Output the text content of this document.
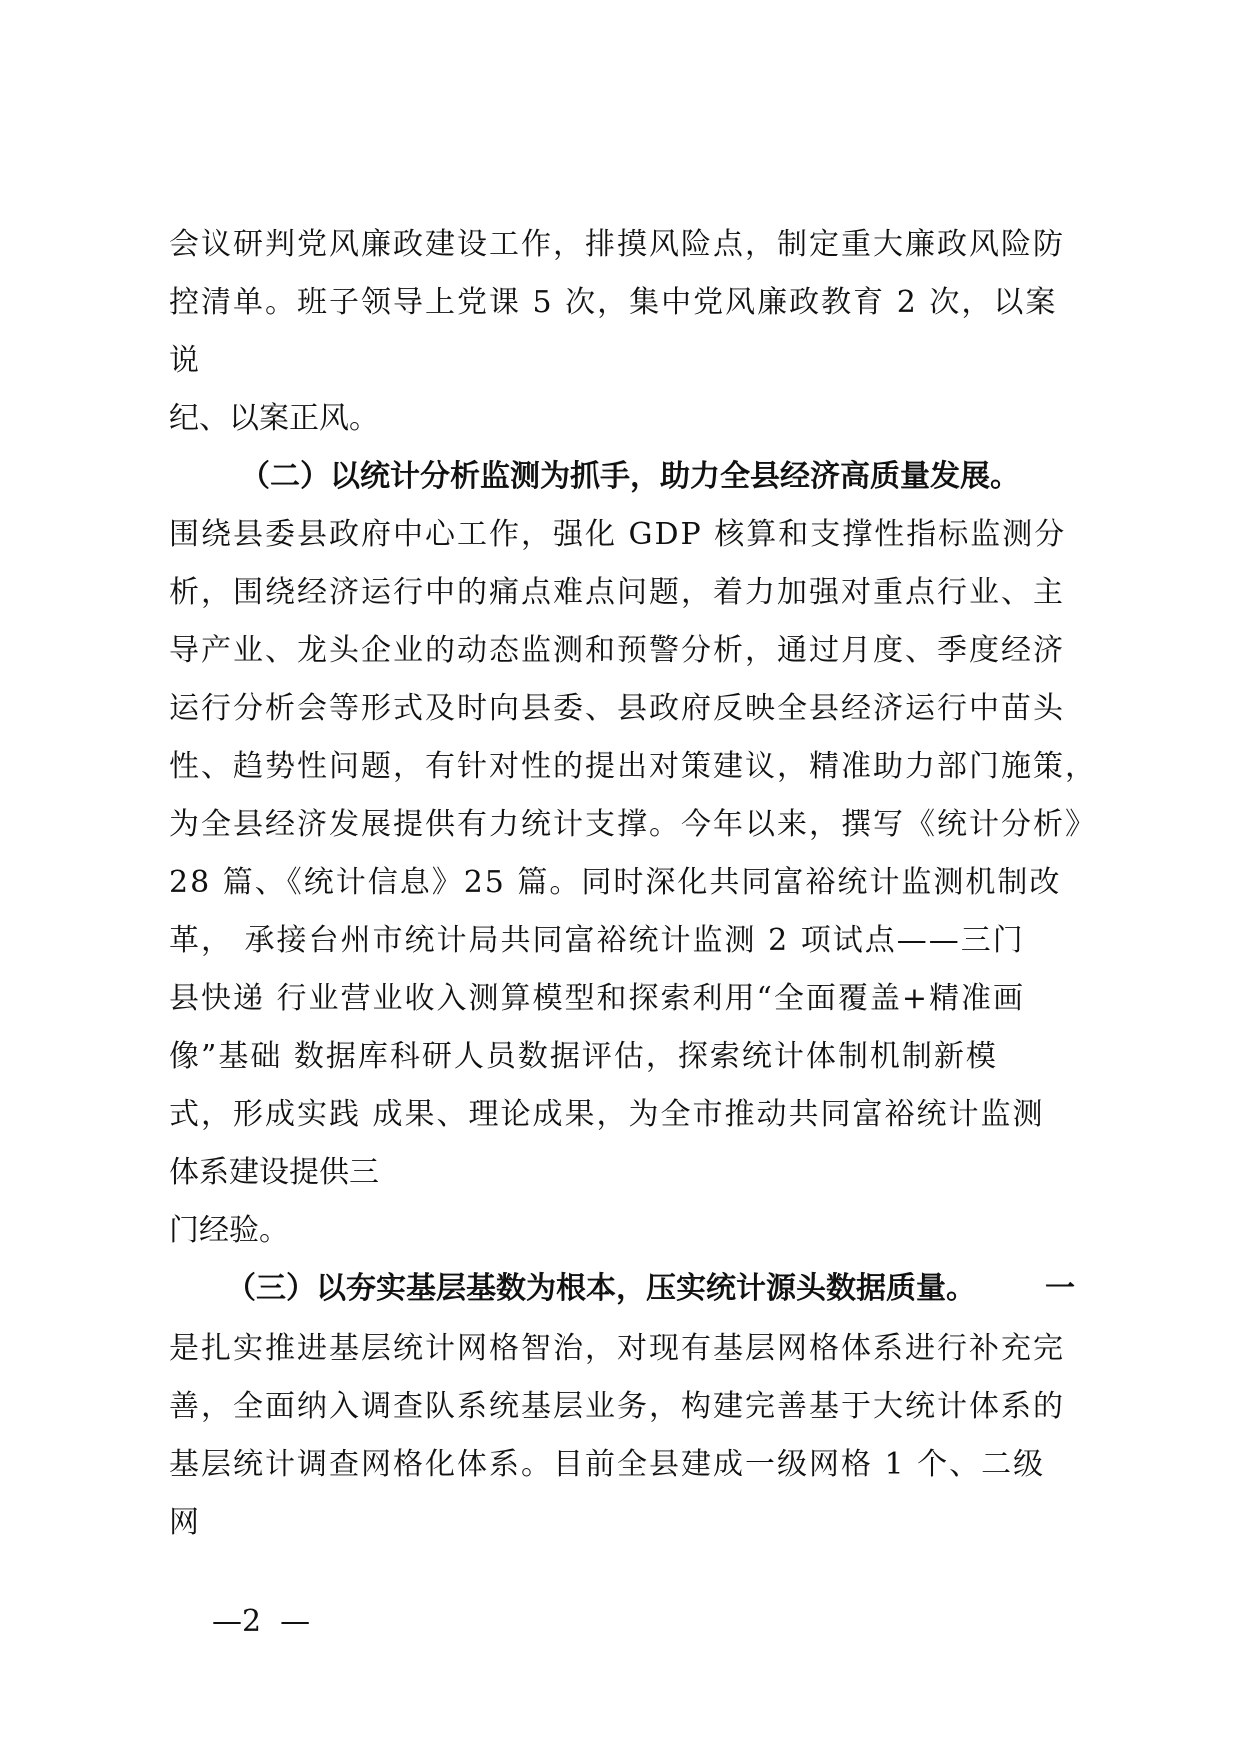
会议研判党风廉政建设工作，排摸风险点，制定重大廉政风险防
控清单。班子领导上党课 5 次，集中党风廉政教育 2 次，以案
说
纪、以案正风。
（二）以统计分析监测为抓手，助力全县经济高质量发展。
围绕县委县政府中心工作，强化 GDP 核算和支撑性指标监测分
析，围绕经济运行中的痛点难点问题，着力加强对重点行业、主
导产业、龙头企业的动态监测和预警分析，通过月度、季度经济
运行分析会等形式及时向县委、县政府反映全县经济运行中苗头
性、趋势性问题，有针对性的提出对策建议，精准助力部门施策，
为全县经济发展提供有力统计支撑。今年以来，撰写《统计分析》
28 篇、《统计信息》25 篇。同时深化共同富裕统计监测机制改
革， 承接台州市统计局共同富裕统计监测 2 项试点——三门
县快递 行业营业收入测算模型和探索利用“全面覆盖+精准画
像”基础 数据库科研人员数据评估，探索统计体制机制新模
式，形成实践 成果、理论成果，为全市推动共同富裕统计监测
体系建设提供三
门经验。
（三）以夯实基层基数为根本，压实统计源头数据质量。 一
是扎实推进基层统计网格智治，对现有基层网格体系进行补充完
善，全面纳入调查队系统基层业务，构建完善基于大统计体系的
基层统计调查网格化体系。目前全县建成一级网格 1 个、二级
网
—2  —
